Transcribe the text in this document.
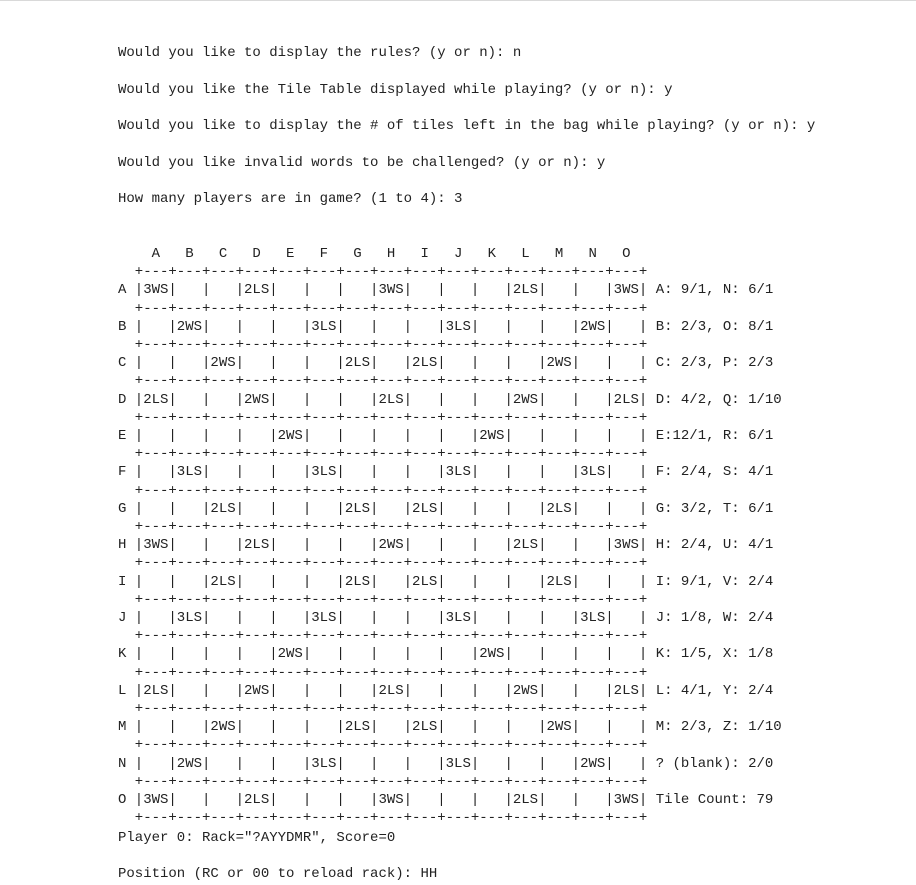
Would you like to display the rules? (y or n): n
Would you like the Tile Table displayed while playing? (y or n): y
Would you like to display the # of tiles left in the bag while playing? (y or n): y
Would you like invalid words to be challenged? (y or n): y
How many players are in game? (1 to 4): 3
Player 0: Rack="?AYYDMR", Score=0
Position (RC or 00 to reload rack): HH
A   B   C   D   E   F   G   H   I   J   K   L   M   N   O
+---+---+---+---+---+---+---+---+---+---+---+---+---+---+---+
A |3WS|   |   |2LS|   |   |   |3WS|   |   |   |2LS|   |   |3WS| A: 9/1, N: 6/1
+---+---+---+---+---+---+---+---+---+---+---+---+---+---+---+
B |   |2WS|   |   |   |3LS|   |   |   |3LS|   |   |   |2WS|   | B: 2/3, O: 8/1
+---+---+---+---+---+---+---+---+---+---+---+---+---+---+---+
C |   |   |2WS|   |   |   |2LS|   |2LS|   |   |   |2WS|   |   | C: 2/3, P: 2/3
+---+---+---+---+---+---+---+---+---+---+---+---+---+---+---+
D |2LS|   |   |2WS|   |   |   |2LS|   |   |   |2WS|   |   |2LS| D: 4/2, Q: 1/10
+---+---+---+---+---+---+---+---+---+---+---+---+---+---+---+
E |   |   |   |   |2WS|   |   |   |   |   |2WS|   |   |   |   | E:12/1, R: 6/1
+---+---+---+---+---+---+---+---+---+---+---+---+---+---+---+
F |   |3LS|   |   |   |3LS|   |   |   |3LS|   |   |   |3LS|   | F: 2/4, S: 4/1
+---+---+---+---+---+---+---+---+---+---+---+---+---+---+---+
G |   |   |2LS|   |   |   |2LS|   |2LS|   |   |   |2LS|   |   | G: 3/2, T: 6/1
+---+---+---+---+---+---+---+---+---+---+---+---+---+---+---+
H |3WS|   |   |2LS|   |   |   |2WS|   |   |   |2LS|   |   |3WS| H: 2/4, U: 4/1
+---+---+---+---+---+---+---+---+---+---+---+---+---+---+---+
I |   |   |2LS|   |   |   |2LS|   |2LS|   |   |   |2LS|   |   | I: 9/1, V: 2/4
+---+---+---+---+---+---+---+---+---+---+---+---+---+---+---+
J |   |3LS|   |   |   |3LS|   |   |   |3LS|   |   |   |3LS|   | J: 1/8, W: 2/4
+---+---+---+---+---+---+---+---+---+---+---+---+---+---+---+
K |   |   |   |   |2WS|   |   |   |   |   |2WS|   |   |   |   | K: 1/5, X: 1/8
+---+---+---+---+---+---+---+---+---+---+---+---+---+---+---+
L |2LS|   |   |2WS|   |   |   |2LS|   |   |   |2WS|   |   |2LS| L: 4/1, Y: 2/4
+---+---+---+---+---+---+---+---+---+---+---+---+---+---+---+
M |   |   |2WS|   |   |   |2LS|   |2LS|   |   |   |2WS|   |   | M: 2/3, Z: 1/10
+---+---+---+---+---+---+---+---+---+---+---+---+---+---+---+
N |   |2WS|   |   |   |3LS|   |   |   |3LS|   |   |   |2WS|   | ? (blank): 2/0
+---+---+---+---+---+---+---+---+---+---+---+---+---+---+---+
O |3WS|   |   |2LS|   |   |   |3WS|   |   |   |2LS|   |   |3WS| Tile Count: 79
+---+---+---+---+---+---+---+---+---+---+---+---+---+---+---+
